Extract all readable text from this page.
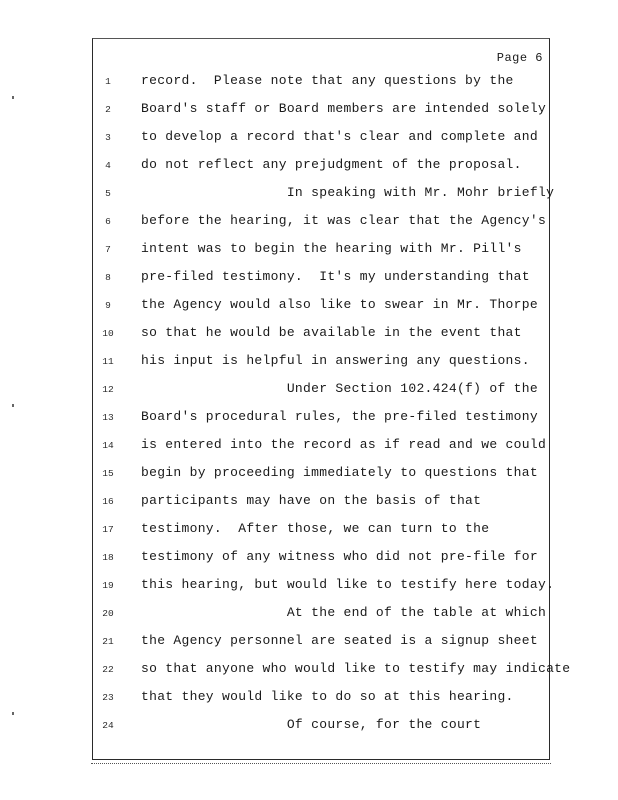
Page 6
1	record.  Please note that any questions by the
2	Board's staff or Board members are intended solely
3	to develop a record that's clear and complete and
4	do not reflect any prejudgment of the proposal.
5	In speaking with Mr. Mohr briefly
6	before the hearing, it was clear that the Agency's
7	intent was to begin the hearing with Mr. Pill's
8	pre-filed testimony.  It's my understanding that
9	the Agency would also like to swear in Mr. Thorpe
10	so that he would be available in the event that
11	his input is helpful in answering any questions.
12	Under Section 102.424(f) of the
13	Board's procedural rules, the pre-filed testimony
14	is entered into the record as if read and we could
15	begin by proceeding immediately to questions that
16	participants may have on the basis of that
17	testimony.  After those, we can turn to the
18	testimony of any witness who did not pre-file for
19	this hearing, but would like to testify here today.
20	At the end of the table at which
21	the Agency personnel are seated is a signup sheet
22	so that anyone who would like to testify may indicate
23	that they would like to do so at this hearing.
24	Of course, for the court
